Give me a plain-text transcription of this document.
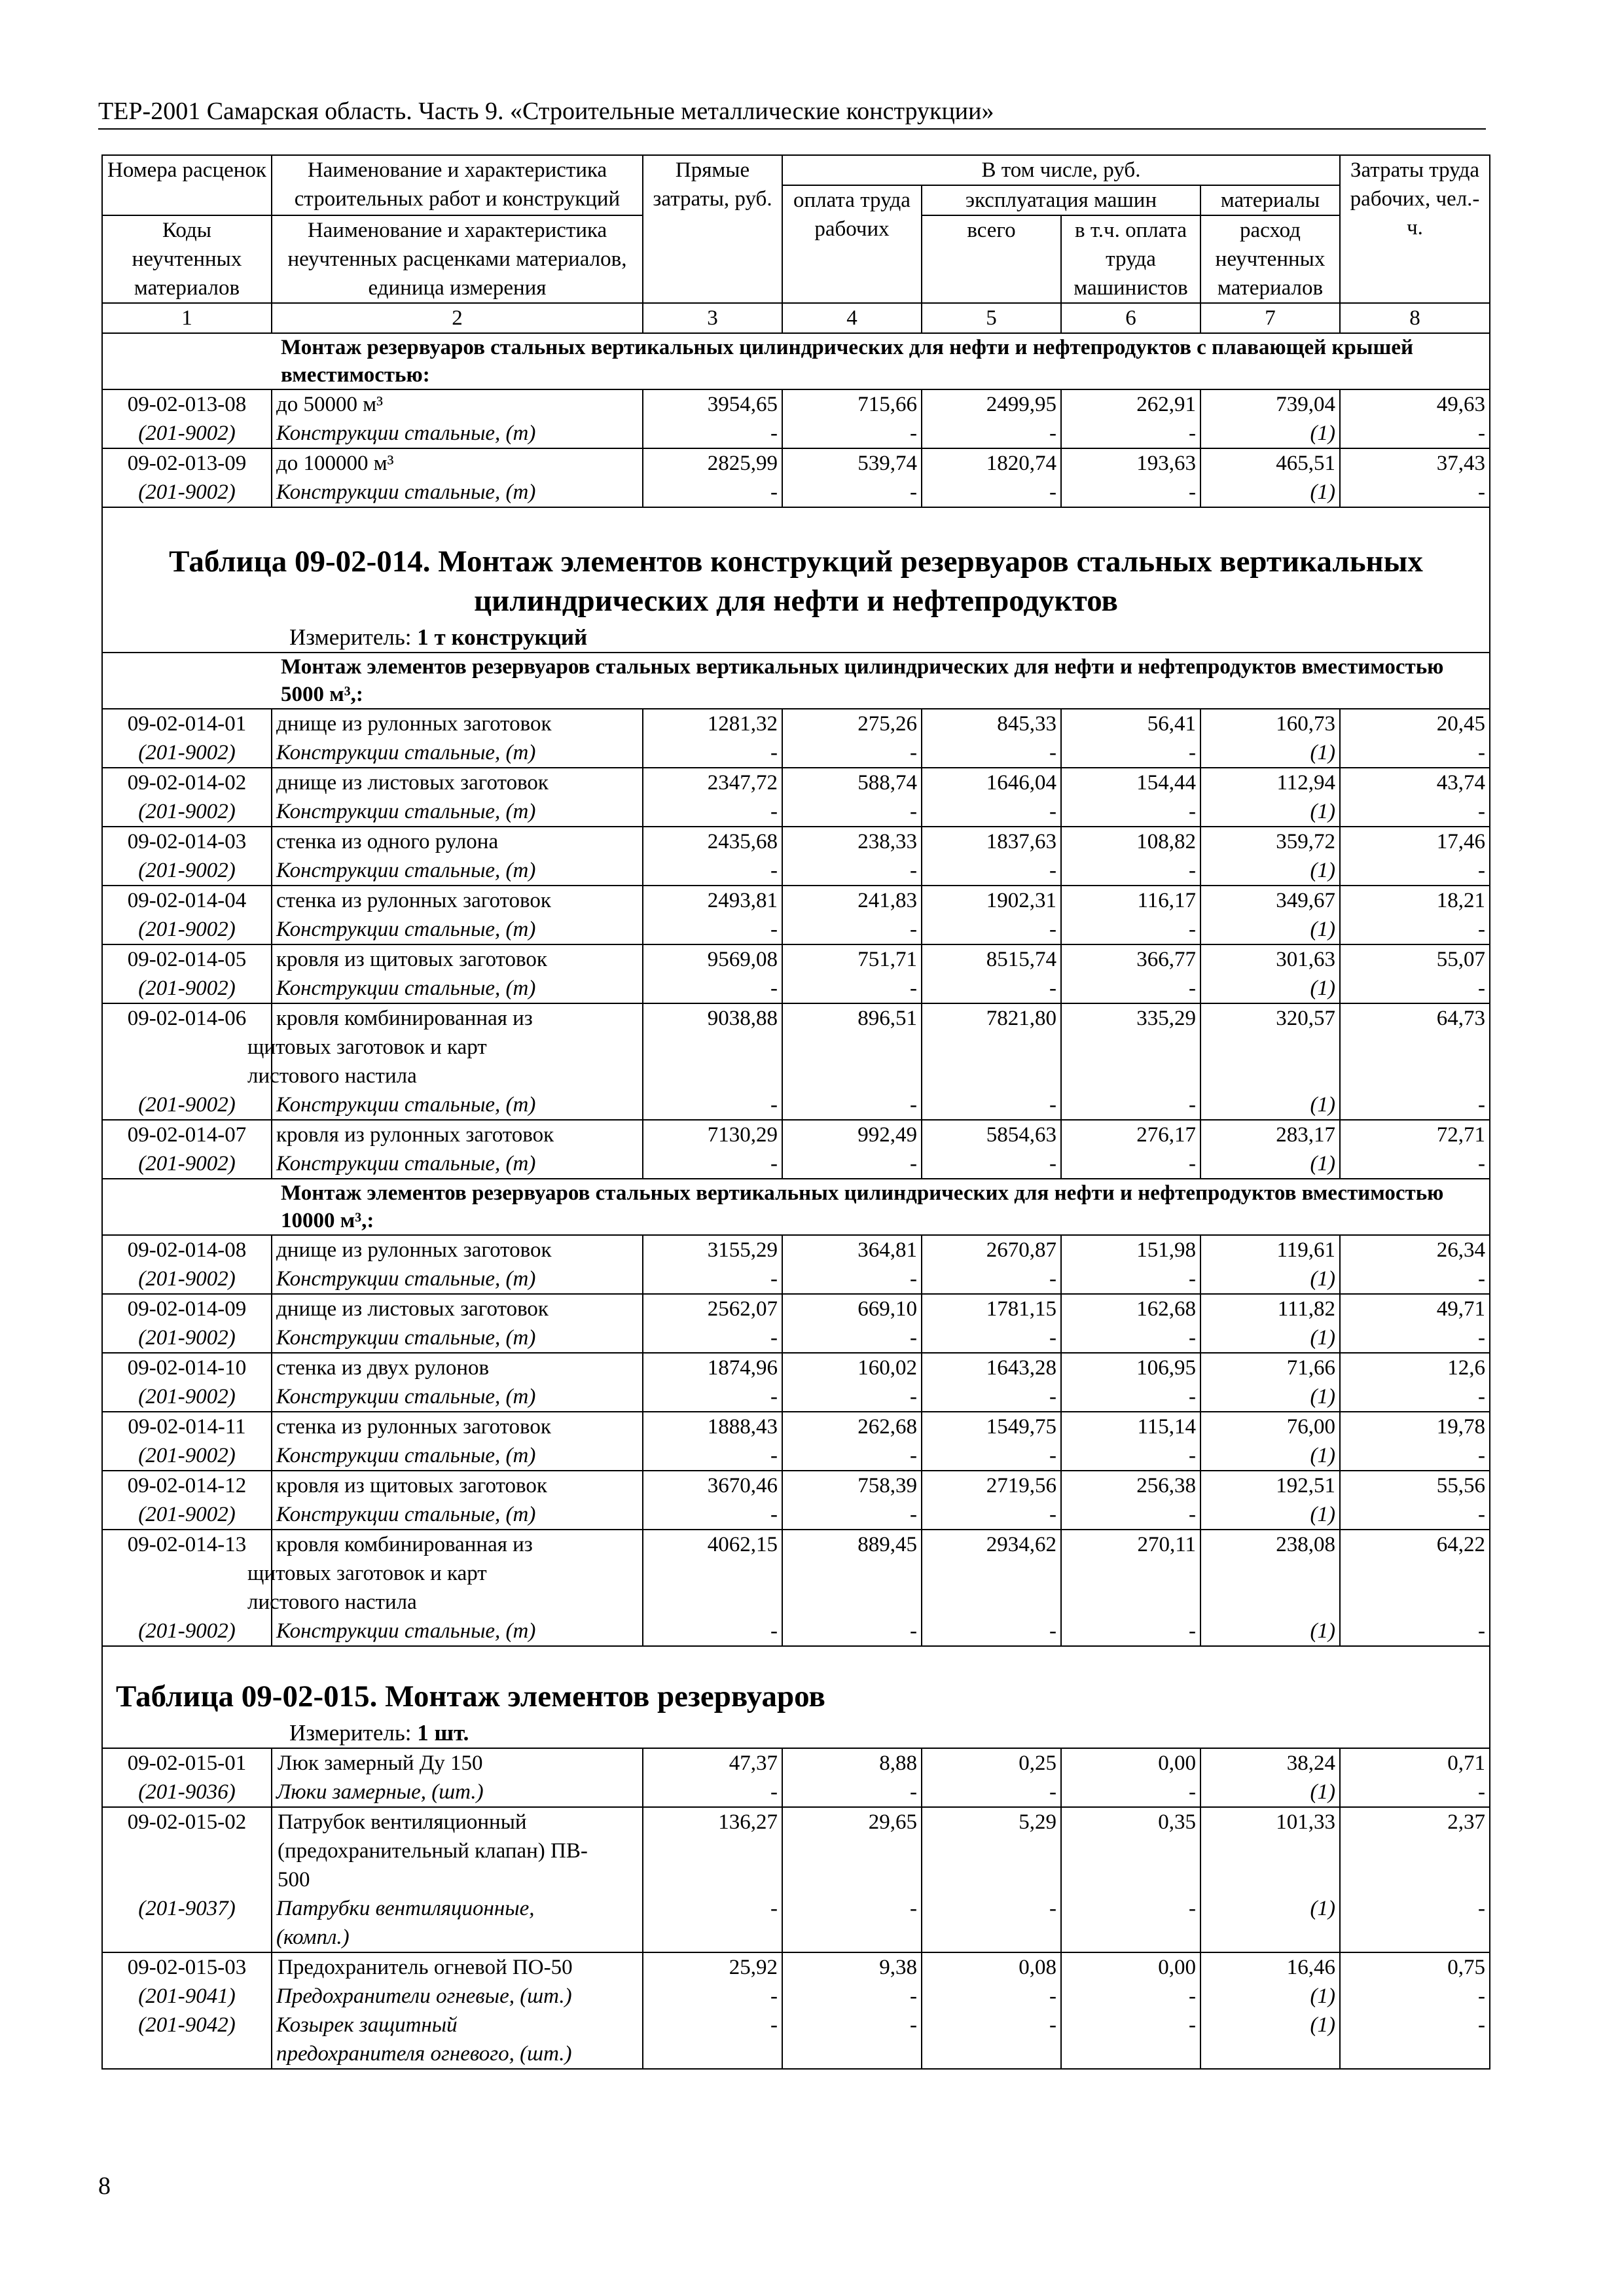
ТЕР-2001 Самарская область. Часть 9. «Строительные металлические конструкции»
Номера расценок	Наименование и характеристика строительных работ и конструкций	Прямые затраты, руб.	В том числе, руб.				Затраты труда рабочих, чел.-ч.
			оплата труда рабочих	эксплуатация машин		материалы	
Коды неучтенных материалов	Наименование и характеристика неучтенных расценками материалов, единица измерения			всего	в т.ч. оплата труда машинистов	расход неучтенных материалов	

1	2	3	4	5	6	7	8
	Монтаж резервуаров стальных вертикальных цилиндрических для нефти и нефтепродуктов с плавающей крышей вместимостью:						
09-02-013-08	до 50000 м³	3954,65	715,66	2499,95	262,91	739,04	49,63
(201-9002)	Конструкции стальные, (т)	-	-	-	-	(1)	-
09-02-013-09	до 100000 м³	2825,99	539,74	1820,74	193,63	465,51	37,43
(201-9002)	Конструкции стальные, (т)	-	-	-	-	(1)	-

Таблица 09-02-014. Монтаж элементов конструкций резервуаров стальных вертикальных
цилиндрических для нефти и нефтепродуктов
Измеритель: 1 т конструкций							

	Монтаж элементов резервуаров стальных вертикальных цилиндрических для нефти и нефтепродуктов вместимостью 5000 м³,:						
09-02-014-01	днище из рулонных заготовок	1281,32	275,26	845,33	56,41	160,73	20,45
(201-9002)	Конструкции стальные, (т)	-	-	-	-	(1)	-
09-02-014-02	днище из листовых заготовок	2347,72	588,74	1646,04	154,44	112,94	43,74
(201-9002)	Конструкции стальные, (т)	-	-	-	-	(1)	-
09-02-014-03	стенка из одного рулона	2435,68	238,33	1837,63	108,82	359,72	17,46
(201-9002)	Конструкции стальные, (т)	-	-	-	-	(1)	-
09-02-014-04	стенка из рулонных заготовок	2493,81	241,83	1902,31	116,17	349,67	18,21
(201-9002)	Конструкции стальные, (т)	-	-	-	-	(1)	-
09-02-014-05	кровля из щитовых заготовок	9569,08	751,71	8515,74	366,77	301,63	55,07
(201-9002)	Конструкции стальные, (т)	-	-	-	-	(1)	-
09-02-014-06	кровля комбинированная из
щитовых заготовок и карт
листового настила	9038,88	896,51	7821,80	335,29	320,57	64,73
(201-9002)	Конструкции стальные, (т)	-	-	-	-	(1)	-
09-02-014-07	кровля из рулонных заготовок	7130,29	992,49	5854,63	276,17	283,17	72,71
(201-9002)	Конструкции стальные, (т)	-	-	-	-	(1)	-
	Монтаж элементов резервуаров стальных вертикальных цилиндрических для нефти и нефтепродуктов вместимостью 10000 м³,:						
09-02-014-08	днище из рулонных заготовок	3155,29	364,81	2670,87	151,98	119,61	26,34
(201-9002)	Конструкции стальные, (т)	-	-	-	-	(1)	-
09-02-014-09	днище из листовых заготовок	2562,07	669,10	1781,15	162,68	111,82	49,71
(201-9002)	Конструкции стальные, (т)	-	-	-	-	(1)	-
09-02-014-10	стенка из двух рулонов	1874,96	160,02	1643,28	106,95	71,66	12,6
(201-9002)	Конструкции стальные, (т)	-	-	-	-	(1)	-
09-02-014-11	стенка из рулонных заготовок	1888,43	262,68	1549,75	115,14	76,00	19,78
(201-9002)	Конструкции стальные, (т)	-	-	-	-	(1)	-
09-02-014-12	кровля из щитовых заготовок	3670,46	758,39	2719,56	256,38	192,51	55,56
(201-9002)	Конструкции стальные, (т)	-	-	-	-	(1)	-
09-02-014-13	кровля комбинированная из
щитовых заготовок и карт
листового настила	4062,15	889,45	2934,62	270,11	238,08	64,22
(201-9002)	Конструкции стальные, (т)	-	-	-	-	(1)	-

Таблица 09-02-015. Монтаж элементов резервуаров
Измеритель: 1 шт.							

09-02-015-01	Люк замерный Ду 150	47,37	8,88	0,25	0,00	38,24	0,71
(201-9036)	Люки замерные, (шт.)	-	-	-	-	(1)	-
09-02-015-02	Патрубок вентиляционный
(предохранительный клапан) ПВ-
500	136,27	29,65	5,29	0,35	101,33	2,37
(201-9037)	Патрубки вентиляционные,
(компл.)	-	-	-	-	(1)	-
09-02-015-03	Предохранитель огневой ПО-50	25,92	9,38	0,08	0,00	16,46	0,75
(201-9041)	Предохранители огневые, (шт.)	-	-	-	-	(1)	-
(201-9042)	Козырек защитный
предохранителя огневого, (шт.)	-	-	-	-	(1)	-
8
